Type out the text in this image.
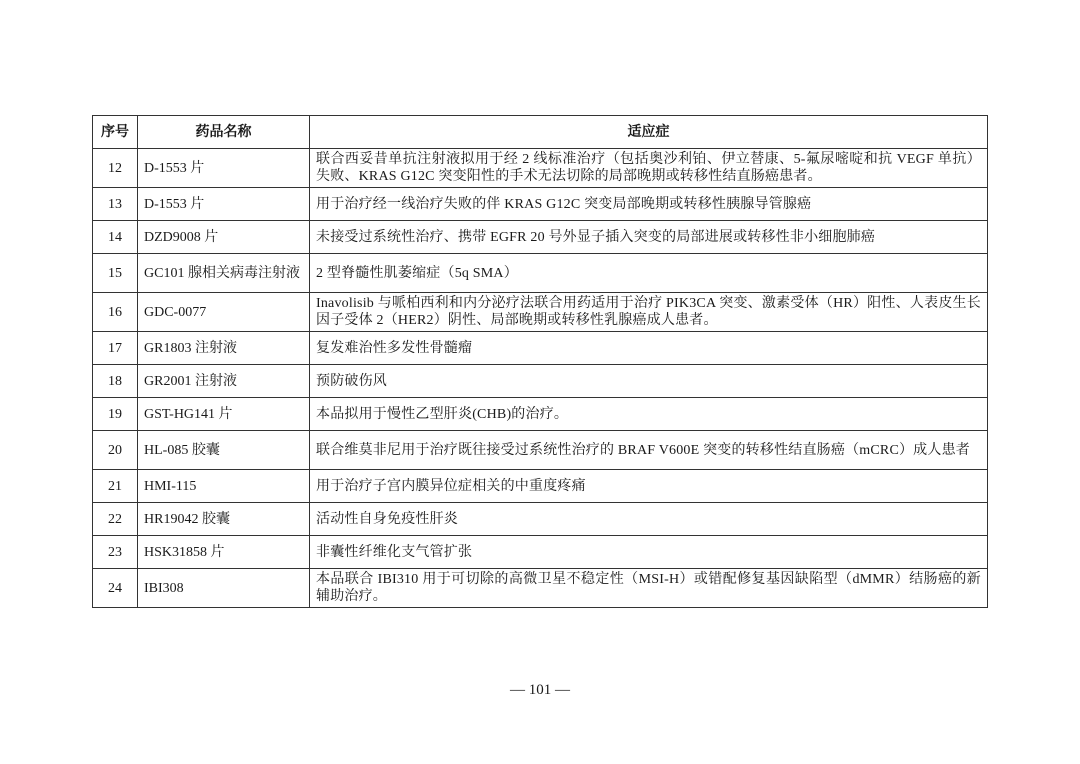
序号	药品名称	适应症
12	D-1553 片	联合西妥昔单抗注射液拟用于经 2 线标准治疗（包括奥沙利铂、伊立替康、5-氟尿嘧啶和抗 VEGF 单抗）失败、KRAS G12C 突变阳性的手术无法切除的局部晚期或转移性结直肠癌患者。
13	D-1553 片	用于治疗经一线治疗失败的伴 KRAS G12C 突变局部晚期或转移性胰腺导管腺癌
14	DZD9008 片	未接受过系统性治疗、携带 EGFR 20 号外显子插入突变的局部进展或转移性非小细胞肺癌
15	GC101 腺相关病毒注射液	2 型脊髓性肌萎缩症（5q SMA）
16	GDC-0077	Inavolisib 与哌柏西利和内分泌疗法联合用药适用于治疗 PIK3CA 突变、激素受体（HR）阳性、人表皮生长因子受体 2（HER2）阴性、局部晚期或转移性乳腺癌成人患者。
17	GR1803 注射液	复发难治性多发性骨髓瘤
18	GR2001 注射液	预防破伤风
19	GST-HG141 片	本品拟用于慢性乙型肝炎(CHB)的治疗。
20	HL-085 胶囊	联合维莫非尼用于治疗既往接受过系统性治疗的 BRAF V600E 突变的转移性结直肠癌（mCRC）成人患者
21	HMI-115	用于治疗子宫内膜异位症相关的中重度疼痛
22	HR19042 胶囊	活动性自身免疫性肝炎
23	HSK31858 片	非囊性纤维化支气管扩张
24	IBI308	本品联合 IBI310 用于可切除的高微卫星不稳定性（MSI-H）或错配修复基因缺陷型（dMMR）结肠癌的新辅助治疗。
— 101 —
